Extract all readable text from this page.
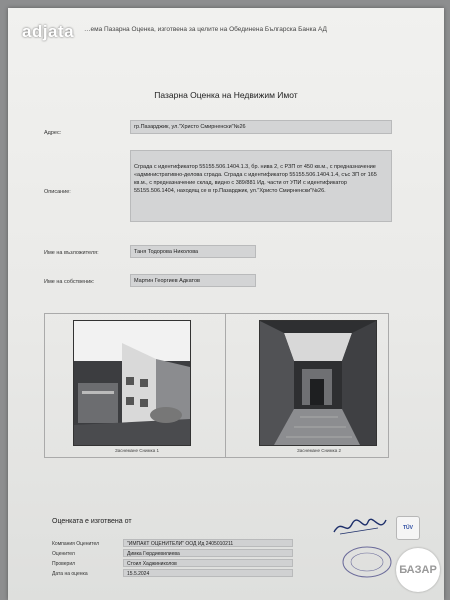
adjata …ема Пазарна Оценка, изготвена за целите на Обединена Българска Банка АД
Пазарна Оценка на Недвижим Имот
Адрес:
гр.Пазарджик, ул."Христо Смирненски"№26
Описание:
Сграда с идентификатор 55155.506.1404.1.3, бр. нива 2, с РЗП от 450 кв.м., с предназначение «административно-делова сграда. Сграда с идентификатор 55155.506.1404.1.4, със ЗП от 165 кв.м., с предназначение склад, видно с 389/881 Ид. части от УПИ с идентификатор 55155.506.1404, находящ се в гр.Пазарджик, ул."Христо Смирненски"№26.
Име на възложителя:	Таня Тодорова Николова
Име на собственик:	Мартин Георгиев Адкатов
Заснемане Снимка 1	Заснемане Снимка 2
Оценката е изготвена от
Компания Оценител	"ИМПАКТ ОЦЕНИТЕЛИ" ООД Ид 2405010211
Оценител	Димка Гюрдиевилиева
Проверил	Стоил Хаджиниколов
Дата на оценка	15.5.2024
TÜV
БАЗАР
